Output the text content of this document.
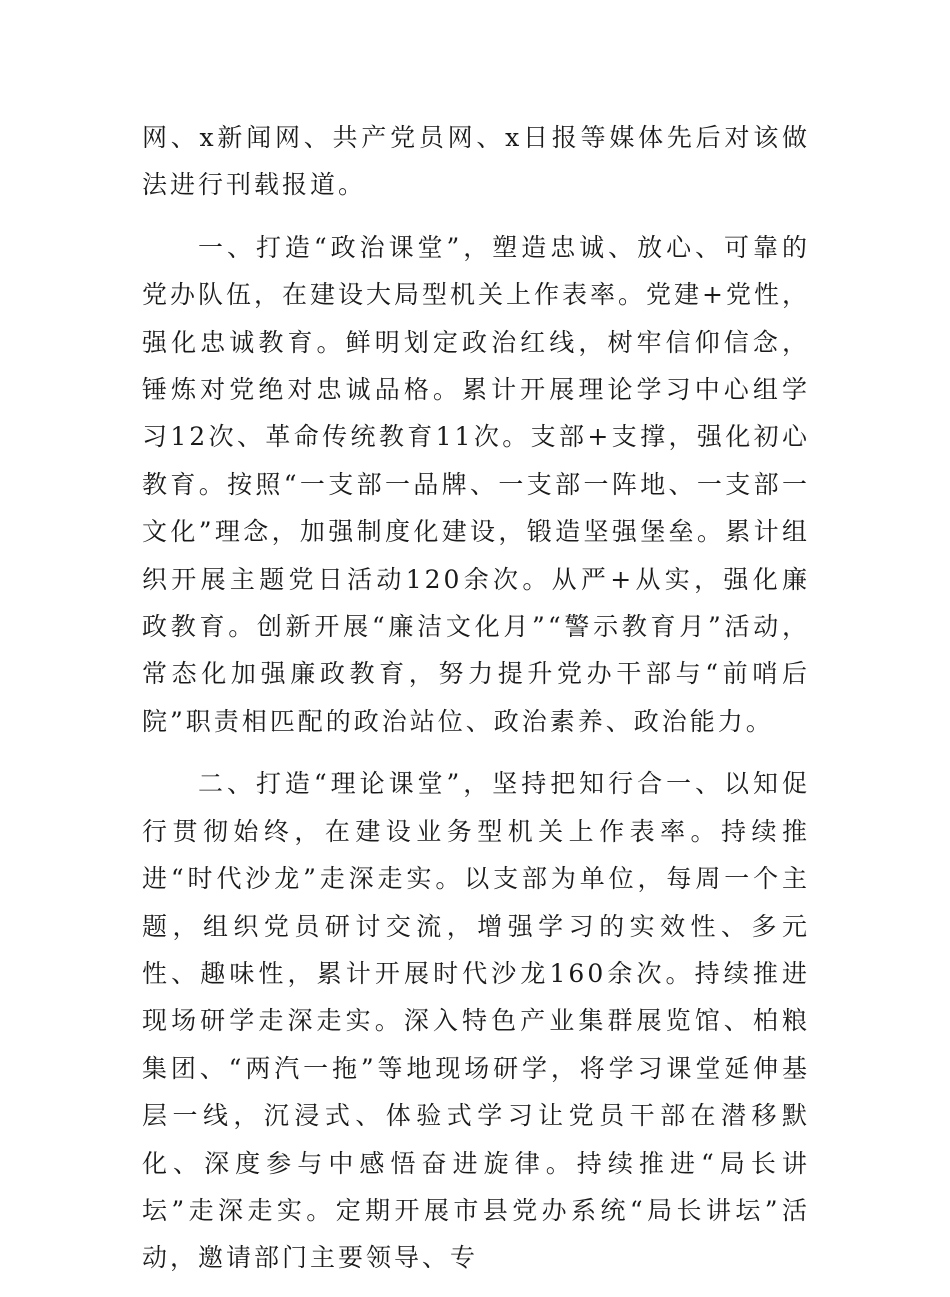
网、x新闻网、共产党员网、x日报等媒体先后对该做法进行刊载报道。

一、打造“政治课堂”，塑造忠诚、放心、可靠的党办队伍，在建设大局型机关上作表率。党建+党性，强化忠诚教育。鲜明划定政治红线，树牢信仰信念，锤炼对党绝对忠诚品格。累计开展理论学习中心组学习12次、革命传统教育11次。支部+支撑，强化初心教育。按照“一支部一品牌、一支部一阵地、一支部一文化”理念，加强制度化建设，锻造坚强堡垒。累计组织开展主题党日活动120余次。从严+从实，强化廉政教育。创新开展“廉洁文化月”“警示教育月”活动，常态化加强廉政教育，努力提升党办干部与“前哨后院”职责相匹配的政治站位、政治素养、政治能力。

二、打造“理论课堂”，坚持把知行合一、以知促行贯彻始终，在建设业务型机关上作表率。持续推进“时代沙龙”走深走实。以支部为单位，每周一个主题，组织党员研讨交流，增强学习的实效性、多元性、趣味性，累计开展时代沙龙160余次。持续推进现场研学走深走实。深入特色产业集群展览馆、柏粮集团、“两汽一拖”等地现场研学，将学习课堂延伸基层一线，沉浸式、体验式学习让党员干部在潜移默化、深度参与中感悟奋进旋律。持续推进“局长讲坛”走深走实。定期开展市县党办系统“局长讲坛”活动，邀请部门主要领导、专
